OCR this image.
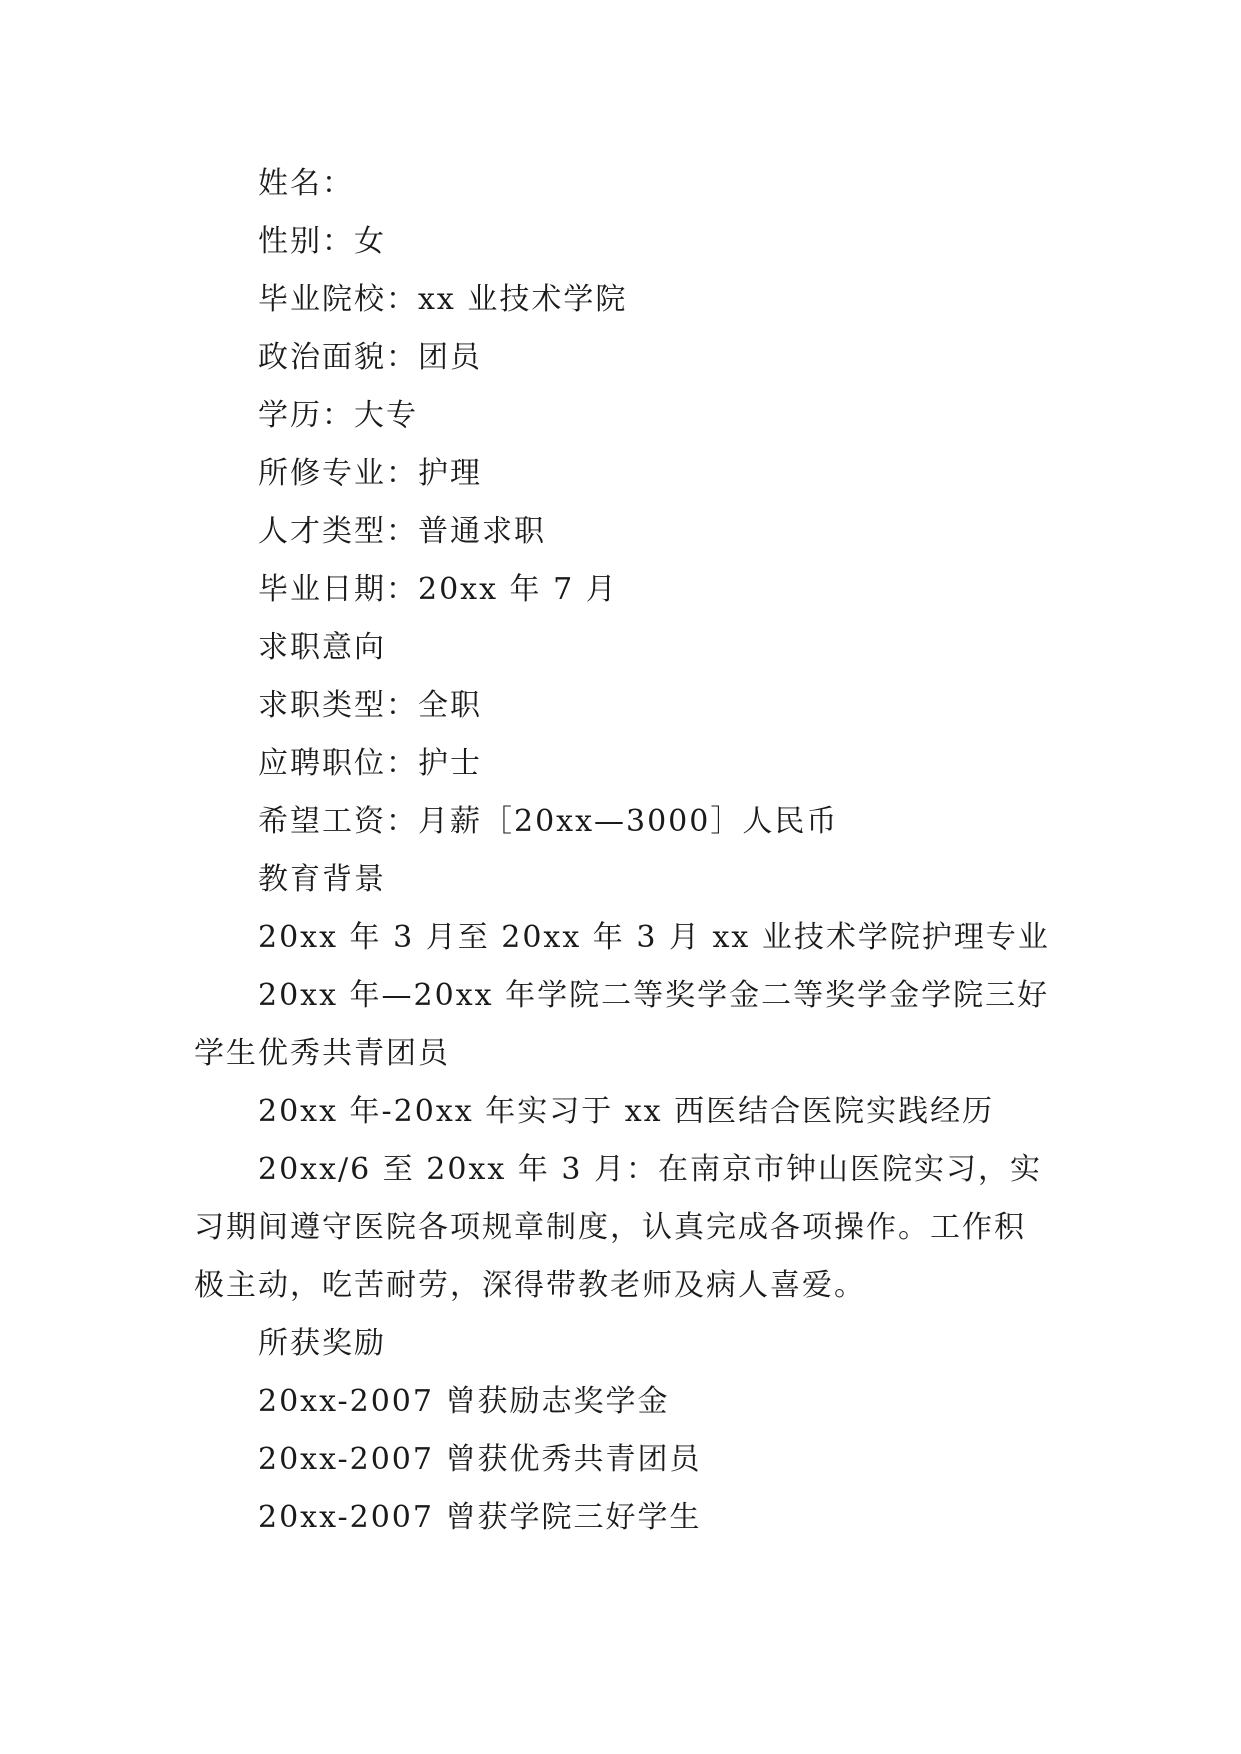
姓名：

性别：女

毕业院校：xx 业技术学院

政治面貌：团员

学历：大专

所修专业：护理

人才类型：普通求职

毕业日期：20xx 年 7 月

求职意向

求职类型：全职

应聘职位：护士

希望工资：月薪［20xx—3000］人民币

教育背景

20xx 年 3 月至 20xx 年 3 月 xx 业技术学院护理专业

20xx 年—20xx 年学院二等奖学金二等奖学金学院三好学生优秀共青团员

20xx 年-20xx 年实习于 xx 西医结合医院实践经历

20xx/6 至 20xx 年 3 月：在南京市钟山医院实习，实习期间遵守医院各项规章制度，认真完成各项操作。工作积极主动，吃苦耐劳，深得带教老师及病人喜爱。

所获奖励

20xx-2007 曾获励志奖学金

20xx-2007 曾获优秀共青团员

20xx-2007 曾获学院三好学生
